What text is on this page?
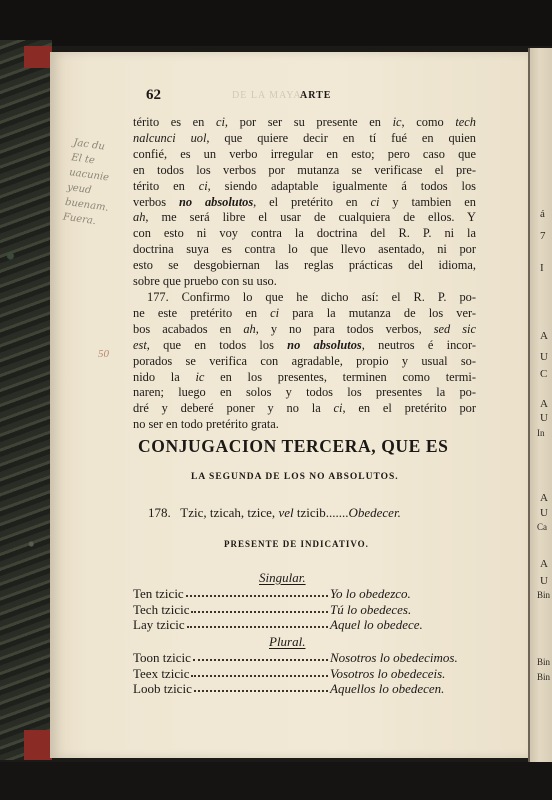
62	DE LA MAYA
ARTE
Jac du
El te
uacunie
yeud
buenam.
Fuera.
50
térito es en ci, por ser su presente en ic, como tech
nalcunci uol, que quiere decir en tí fué en quien
confié, es un verbo irregular en esto; pero caso que
en todos los verbos por mutanza se verificase el pre-
térito en ci, siendo adaptable igualmente á todos los
verbos no absolutos, el pretérito en ci y tambien en
ah, me será libre el usar de cualquiera de ellos. Y
con esto ni voy contra la doctrina del R. P. ni la
doctrina suya es contra lo que llevo asentado, ni por
esto se desgobiernan las reglas prácticas del idioma,
sobre que pruebo con su uso.
177. Confirmo lo que he dicho así: el R. P. po-
ne este pretérito en ci para la mutanza de los ver-
bos acabados en ah, y no para todos verbos, sed sic
est, que en todos los no absolutos, neutros é incor-
porados se verifica con agradable, propio y usual so-
nido la ic en los presentes, terminen como termi-
naren; luego en solos y todos los presentes la po-
dré y deberé poner y no la ci, en el pretérito por
no ser en todo pretérito grata.
CONJUGACION TERCERA, QUE ES
LA SEGUNDA DE LOS NO ABSOLUTOS.
178. Tzic, tzicah, tzice, vel tzicib.......Obedecer.
PRESENTE DE INDICATIVO.
Singular.
Ten tzicic	Yo lo obedezco.
Tech tzicic	Tú lo obedeces.
Lay tzicic	Aquel lo obedece.
Plural.
Toon tzicic	Nosotros lo obedecimos.
Teex tzicic	Vosotros lo obedeceis.
Loob tzicic	Aquellos lo obedecen.
á
7
I
A
U
C
A
U
In
A
U
Ca
A
U
Bin
Bin
Bin
